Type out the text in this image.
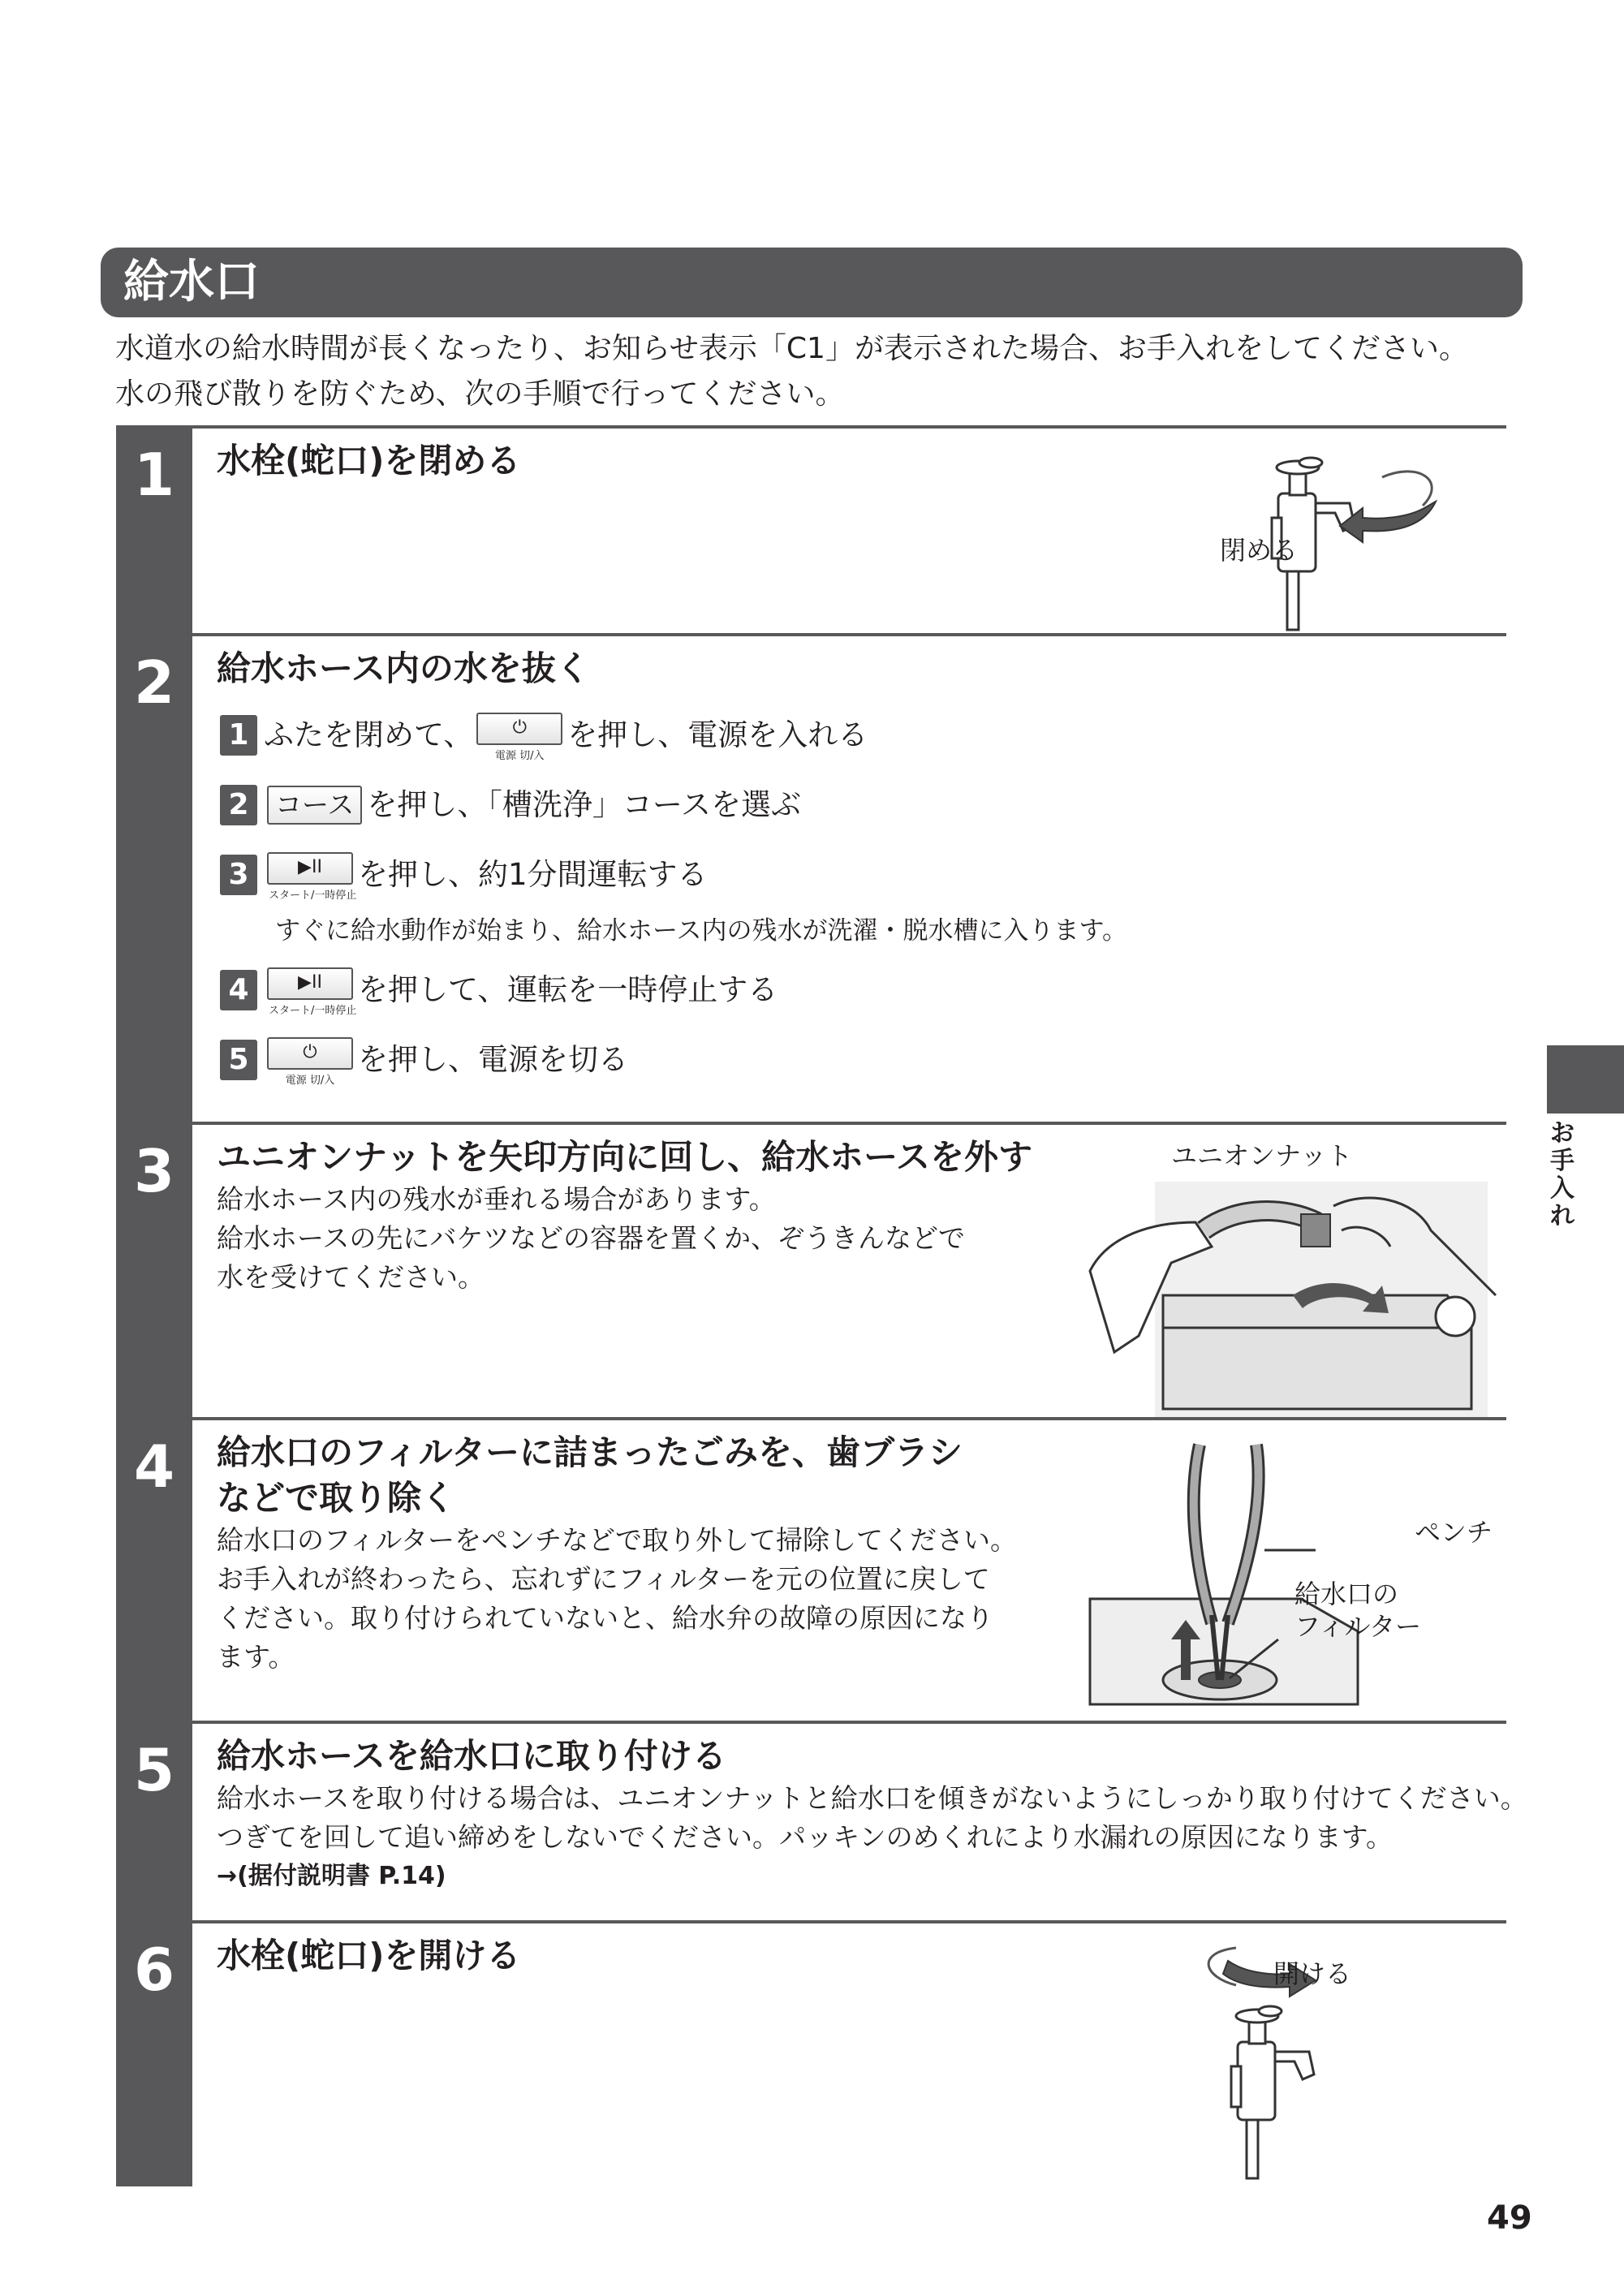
給水口
水道水の給水時間が長くなったり、お知らせ表示「C1」が表示された場合、お手入れをしてください。
水の飛び散りを防ぐため、次の手順で行ってください。
1	水栓(蛇口)を閉める
閉める
2	給水ホース内の水を抜く
1 ふたを閉めて、	⏻
電源 切/入
を押し、電源を入れる
2 コース を押し、「槽洗浄」コースを選ぶ
3	▶II
スタート/一時停止
を押し、約1分間運転する
すぐに給水動作が始まり、給水ホース内の残水が洗濯・脱水槽に入ります。
4	▶II
スタート/一時停止
を押して、運転を一時停止する
5	⏻
電源 切/入
を押し、電源を切る
3	ユニオンナットを矢印方向に回し、給水ホースを外す
給水ホース内の残水が垂れる場合があります。
給水ホースの先にバケツなどの容器を置くか、ぞうきんなどで
水を受けてください。
ユニオンナット
4	給水口のフィルターに詰まったごみを、歯ブラシ
などで取り除く
給水口のフィルターをペンチなどで取り外して掃除してください。
お手入れが終わったら、忘れずにフィルターを元の位置に戻して
ください。取り付けられていないと、給水弁の故障の原因になり
ます。
ペンチ
給水口の
フィルター
5	給水ホースを給水口に取り付ける
給水ホースを取り付ける場合は、ユニオンナットと給水口を傾きがないようにしっかり取り付けてください。
つぎてを回して追い締めをしないでください。パッキンのめくれにより水漏れの原因になります。
→(据付説明書 P.14)
6	水栓(蛇口)を開ける	開ける
お
手
入
れ
49
